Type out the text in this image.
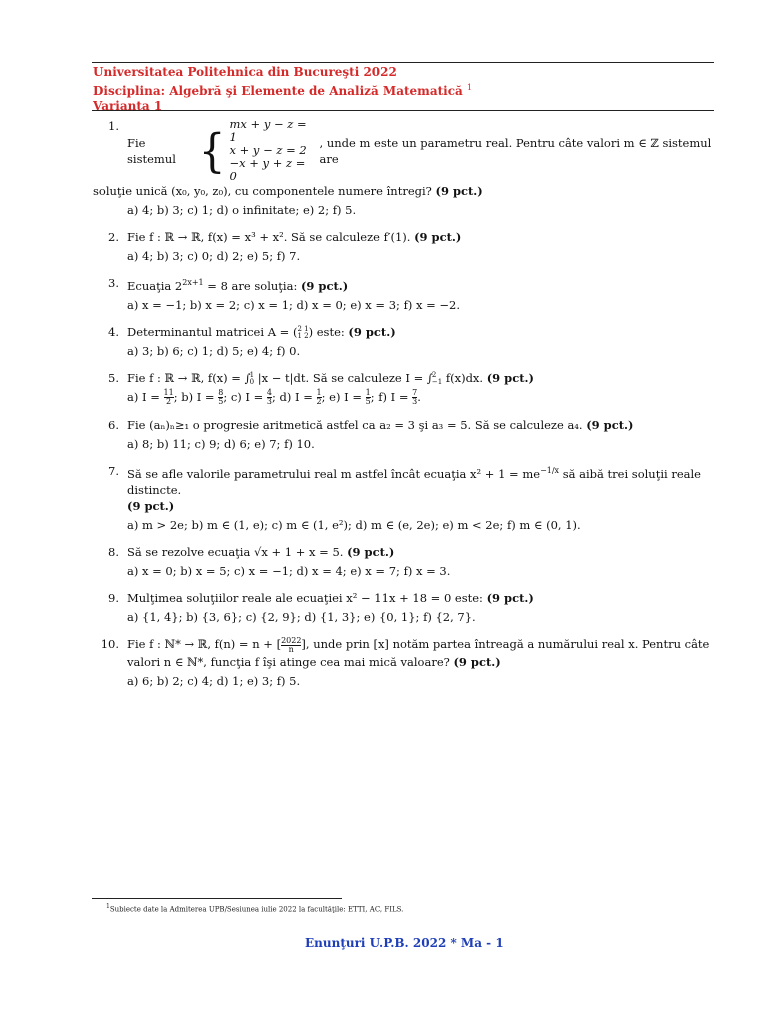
Universitatea Politehnica din Bucureşti 2022
Disciplina: Algebră şi Elemente de Analiză Matematică $^1$
Varianta 1
1.
Fie sistemul { mx + y − z = 1
x + y − z = 2
−x + y + z = 0
, unde m este un parametru real. Pentru câte valori m ∈ ℤ sistemul are
soluţie unică (x₀, y₀, z₀), cu componentele numere întregi? (9 pct.)
a) 4; b) 3; c) 1; d) o infinitate; e) 2; f) 5.
2. Fie f : ℝ → ℝ, f(x) = x³ + x². Să se calculeze f′(1). (9 pct.)
a) 4; b) 3; c) 0; d) 2; e) 5; f) 7.
3. Ecuaţia $2^{2x+1} = 8$ are soluţia: (9 pct.)
a) x = −1; b) x = 2; c) x = 1; d) x = 0; e) x = 3; f) x = −2.
4. Determinantul matricei A = ( 2 1
1 2 ) este: (9 pct.)
a) 3; b) 6; c) 1; d) 5; e) 4; f) 0.
5. Fie f : ℝ → ℝ, f(x) = ∫ 1
0 |x − t|dt. Să se calculeze I = ∫ 2
−1 f(x)dx. (9 pct.)
a) $I = \frac{11}{2}$ ; b) $I = \frac{8}{5}$ ; c) $I = \frac{4}{3}$ ; d) $I = \frac{1}{2}$ ; e) $I = \frac{1}{5}$ ; f) $I = \frac{7}{3}$ .
6. Fie (aₙ)ₙ≥₁ o progresie aritmetică astfel ca a₂ = 3 şi a₃ = 5. Să se calculeze a₄. (9 pct.)
a) 8; b) 11; c) 9; d) 6; e) 7; f) 10.
7. Să se afle valorile parametrului real m astfel încât ecuaţia $x^2 + 1 = me^{-1/x}$ să aibă trei soluţii reale distincte.
(9 pct.)
a) m > 2e; b) m ∈ (1, e); c) m ∈ (1, e²); d) m ∈ (e, 2e); e) m < 2e; f) m ∈ (0, 1).
8. Să se rezolve ecuaţia √x + 1 + x = 5. (9 pct.)
a) x = 0; b) x = 5; c) x = −1; d) x = 4; e) x = 7; f) x = 3.
9. Mulţimea soluţiilor reale ale ecuaţiei x² − 11x + 18 = 0 este: (9 pct.)
a) {1, 4}; b) {3, 6}; c) {2, 9}; d) {1, 3}; e) {0, 1}; f) {2, 7}.
10. Fie f : ℕ* → ℝ, f(n) = n + [ $\frac{2022}{n}$ ], unde prin [x] notăm partea întreagă a numărului real x. Pentru câte valori n ∈ ℕ*, funcţia f îşi atinge cea mai mică valoare? (9 pct.)
a) 6; b) 2; c) 4; d) 1; e) 3; f) 5.
$^1$Subiecte date la Admiterea UPB/Sesiunea iulie 2022 la facultăţile: ETTI, AC, FILS.
Enunţuri U.P.B. 2022 * Ma - 1
